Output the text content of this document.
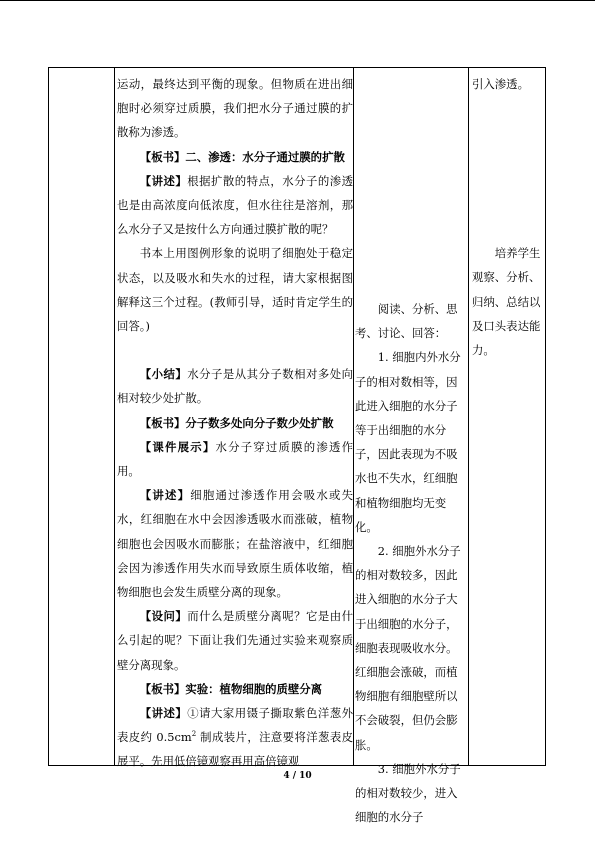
运动，最终达到平衡的现象。但物质在进出细胞时必须穿过质膜，我们把水分子通过膜的扩散称为渗透。

【板书】二、渗透：水分子通过膜的扩散

【讲述】根据扩散的特点，水分子的渗透也是由高浓度向低浓度，但水往往是溶剂，那么水分子又是按什么方向通过膜扩散的呢？

书本上用图例形象的说明了细胞处于稳定状态，以及吸水和失水的过程，请大家根据图解释这三个过程。(教师引导，适时肯定学生的回答。)

【小结】水分子是从其分子数相对多处向相对较少处扩散。

【板书】分子数多处向分子数少处扩散

【课件展示】水分子穿过质膜的渗透作用。

【讲述】细胞通过渗透作用会吸水或失水，红细胞在水中会因渗透吸水而涨破，植物细胞也会因吸水而膨胀；在盐溶液中，红细胞会因为渗透作用失水而导致原生质体收缩，植物细胞也会发生质壁分离的现象。

【设问】而什么是质壁分离呢？它是由什么引起的呢？下面让我们先通过实验来观察质壁分离现象。

【板书】实验：植物细胞的质壁分离

【讲述】①请大家用镊子撕取紫色洋葱外表皮约 $0.5cm^2$ 制成装片，注意要将洋葱表皮展平。先用低倍镜观察再用高倍镜观

阅读、分析、思考、讨论、回答：

1. 细胞内外水分子的相对数相等，因此进入细胞的水分子等于出细胞的水分子，因此表现为不吸水也不失水，红细胞和植物细胞均无变化。

2. 细胞外水分子的相对数较多，因此进入细胞的水分子大于出细胞的水分子，细胞表现吸收水分。红细胞会涨破，而植物细胞有细胞壁所以不会破裂，但仍会膨胀。

3. 细胞外水分子的相对数较少，进入细胞的水分子

引入渗透。

培养学生观察、分析、归纳、总结以及口头表达能力。

4 / 10
